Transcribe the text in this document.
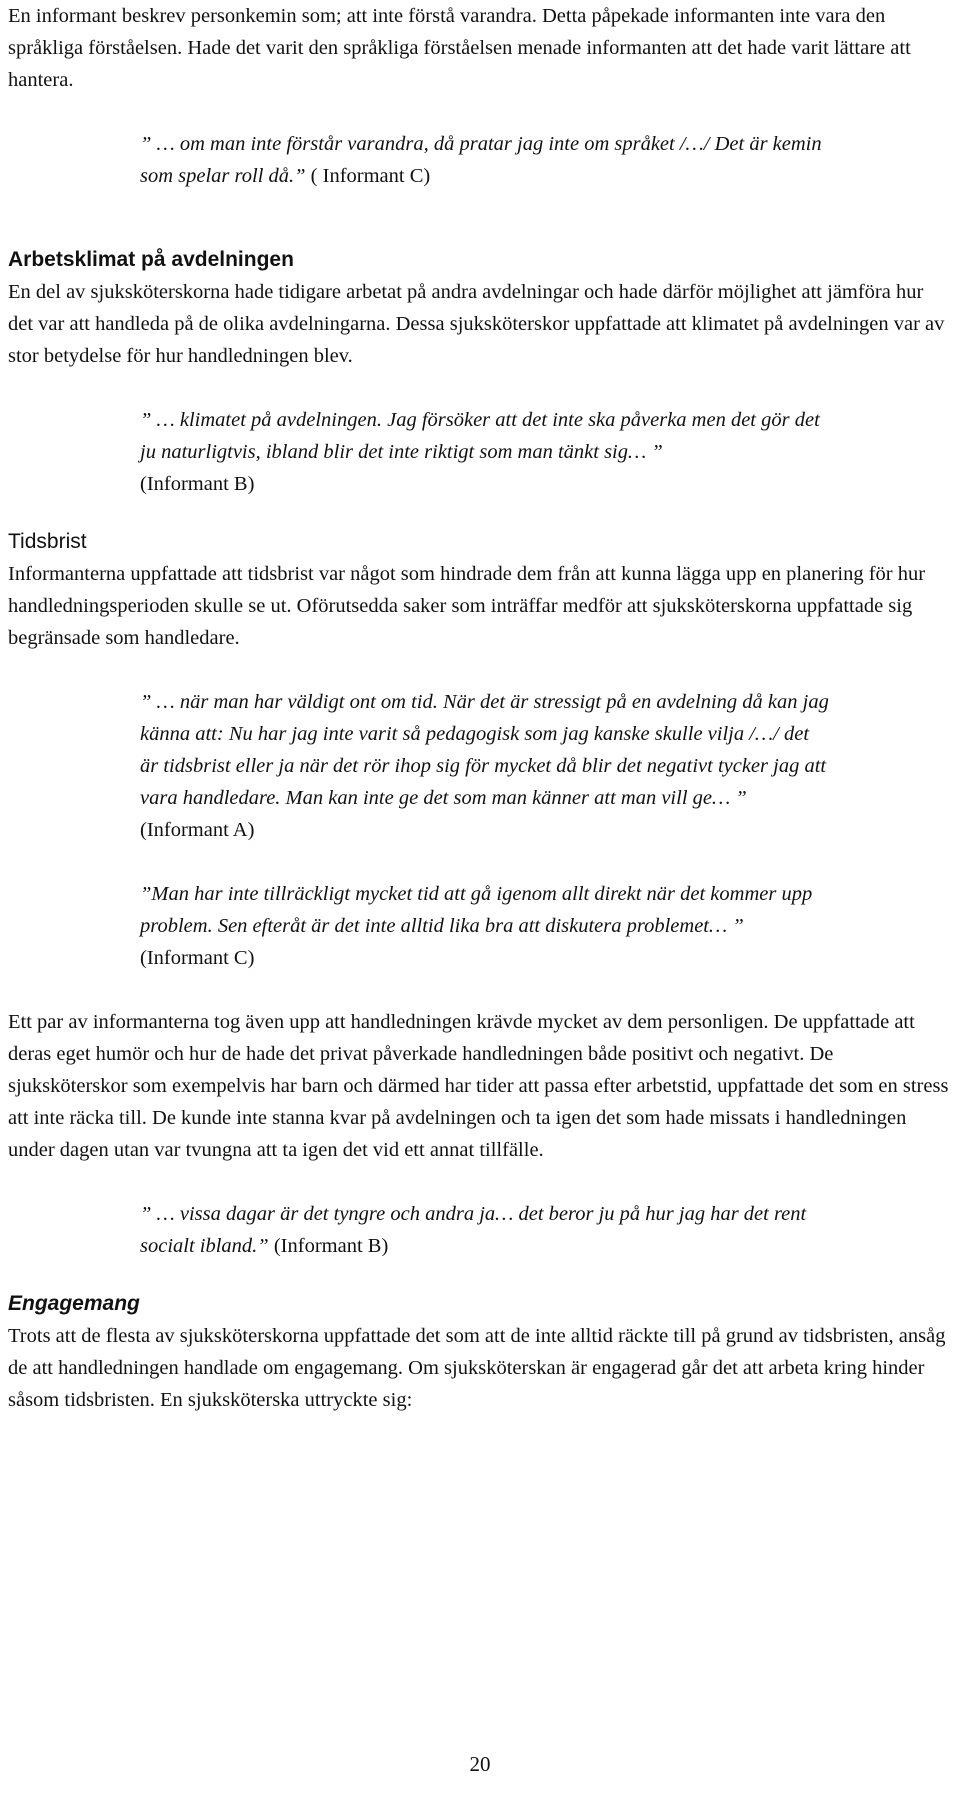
En informant beskrev personkemin som; att inte förstå varandra. Detta påpekade informanten inte vara den språkliga förståelsen. Hade det varit den språkliga förståelsen menade informanten att det hade varit lättare att hantera.

” … om man inte förstår varandra, då pratar jag inte om språket /…/ Det är kemin som spelar roll då.” ( Informant C)

Arbetsklimat på avdelningen

En del av sjuksköterskorna hade tidigare arbetat på andra avdelningar och hade därför möjlighet att jämföra hur det var att handleda på de olika avdelningarna. Dessa sjuksköterskor uppfattade att klimatet på avdelningen var av stor betydelse för hur handledningen blev.

” … klimatet på avdelningen. Jag försöker att det inte ska påverka men det gör det ju naturligtvis, ibland blir det inte riktigt som man tänkt sig… ”
(Informant B)

Tidsbrist

Informanterna uppfattade att tidsbrist var något som hindrade dem från att kunna lägga upp en planering för hur handledningsperioden skulle se ut. Oförutsedda saker som inträffar medför att sjuksköterskorna uppfattade sig begränsade som handledare.

” … när man har väldigt ont om tid. När det är stressigt på en avdelning då kan jag känna att: Nu har jag inte varit så pedagogisk som jag kanske skulle vilja /…/ det är tidsbrist eller ja när det rör ihop sig för mycket då blir det negativt tycker jag att vara handledare. Man kan inte ge det som man känner att man vill ge… ”
(Informant A)

”Man har inte tillräckligt mycket tid att gå igenom allt direkt när det kommer upp problem. Sen efteråt är det inte alltid lika bra att diskutera problemet… ” (Informant C)

Ett par av informanterna tog även upp att handledningen krävde mycket av dem personligen. De uppfattade att deras eget humör och hur de hade det privat påverkade handledningen både positivt och negativt. De sjuksköterskor som exempelvis har barn och därmed har tider att passa efter arbetstid, uppfattade det som en stress att inte räcka till. De kunde inte stanna kvar på avdelningen och ta igen det som hade missats i handledningen under dagen utan var tvungna att ta igen det vid ett annat tillfälle.

” … vissa dagar är det tyngre och andra ja… det beror ju på hur jag har det rent socialt ibland.” (Informant B)

Engagemang

Trots att de flesta av sjuksköterskorna uppfattade det som att de inte alltid räckte till på grund av tidsbristen, ansåg de att handledningen handlade om engagemang. Om sjuksköterskan är engagerad går det att arbeta kring hinder såsom tidsbristen. En sjuksköterska uttryckte sig:

20
